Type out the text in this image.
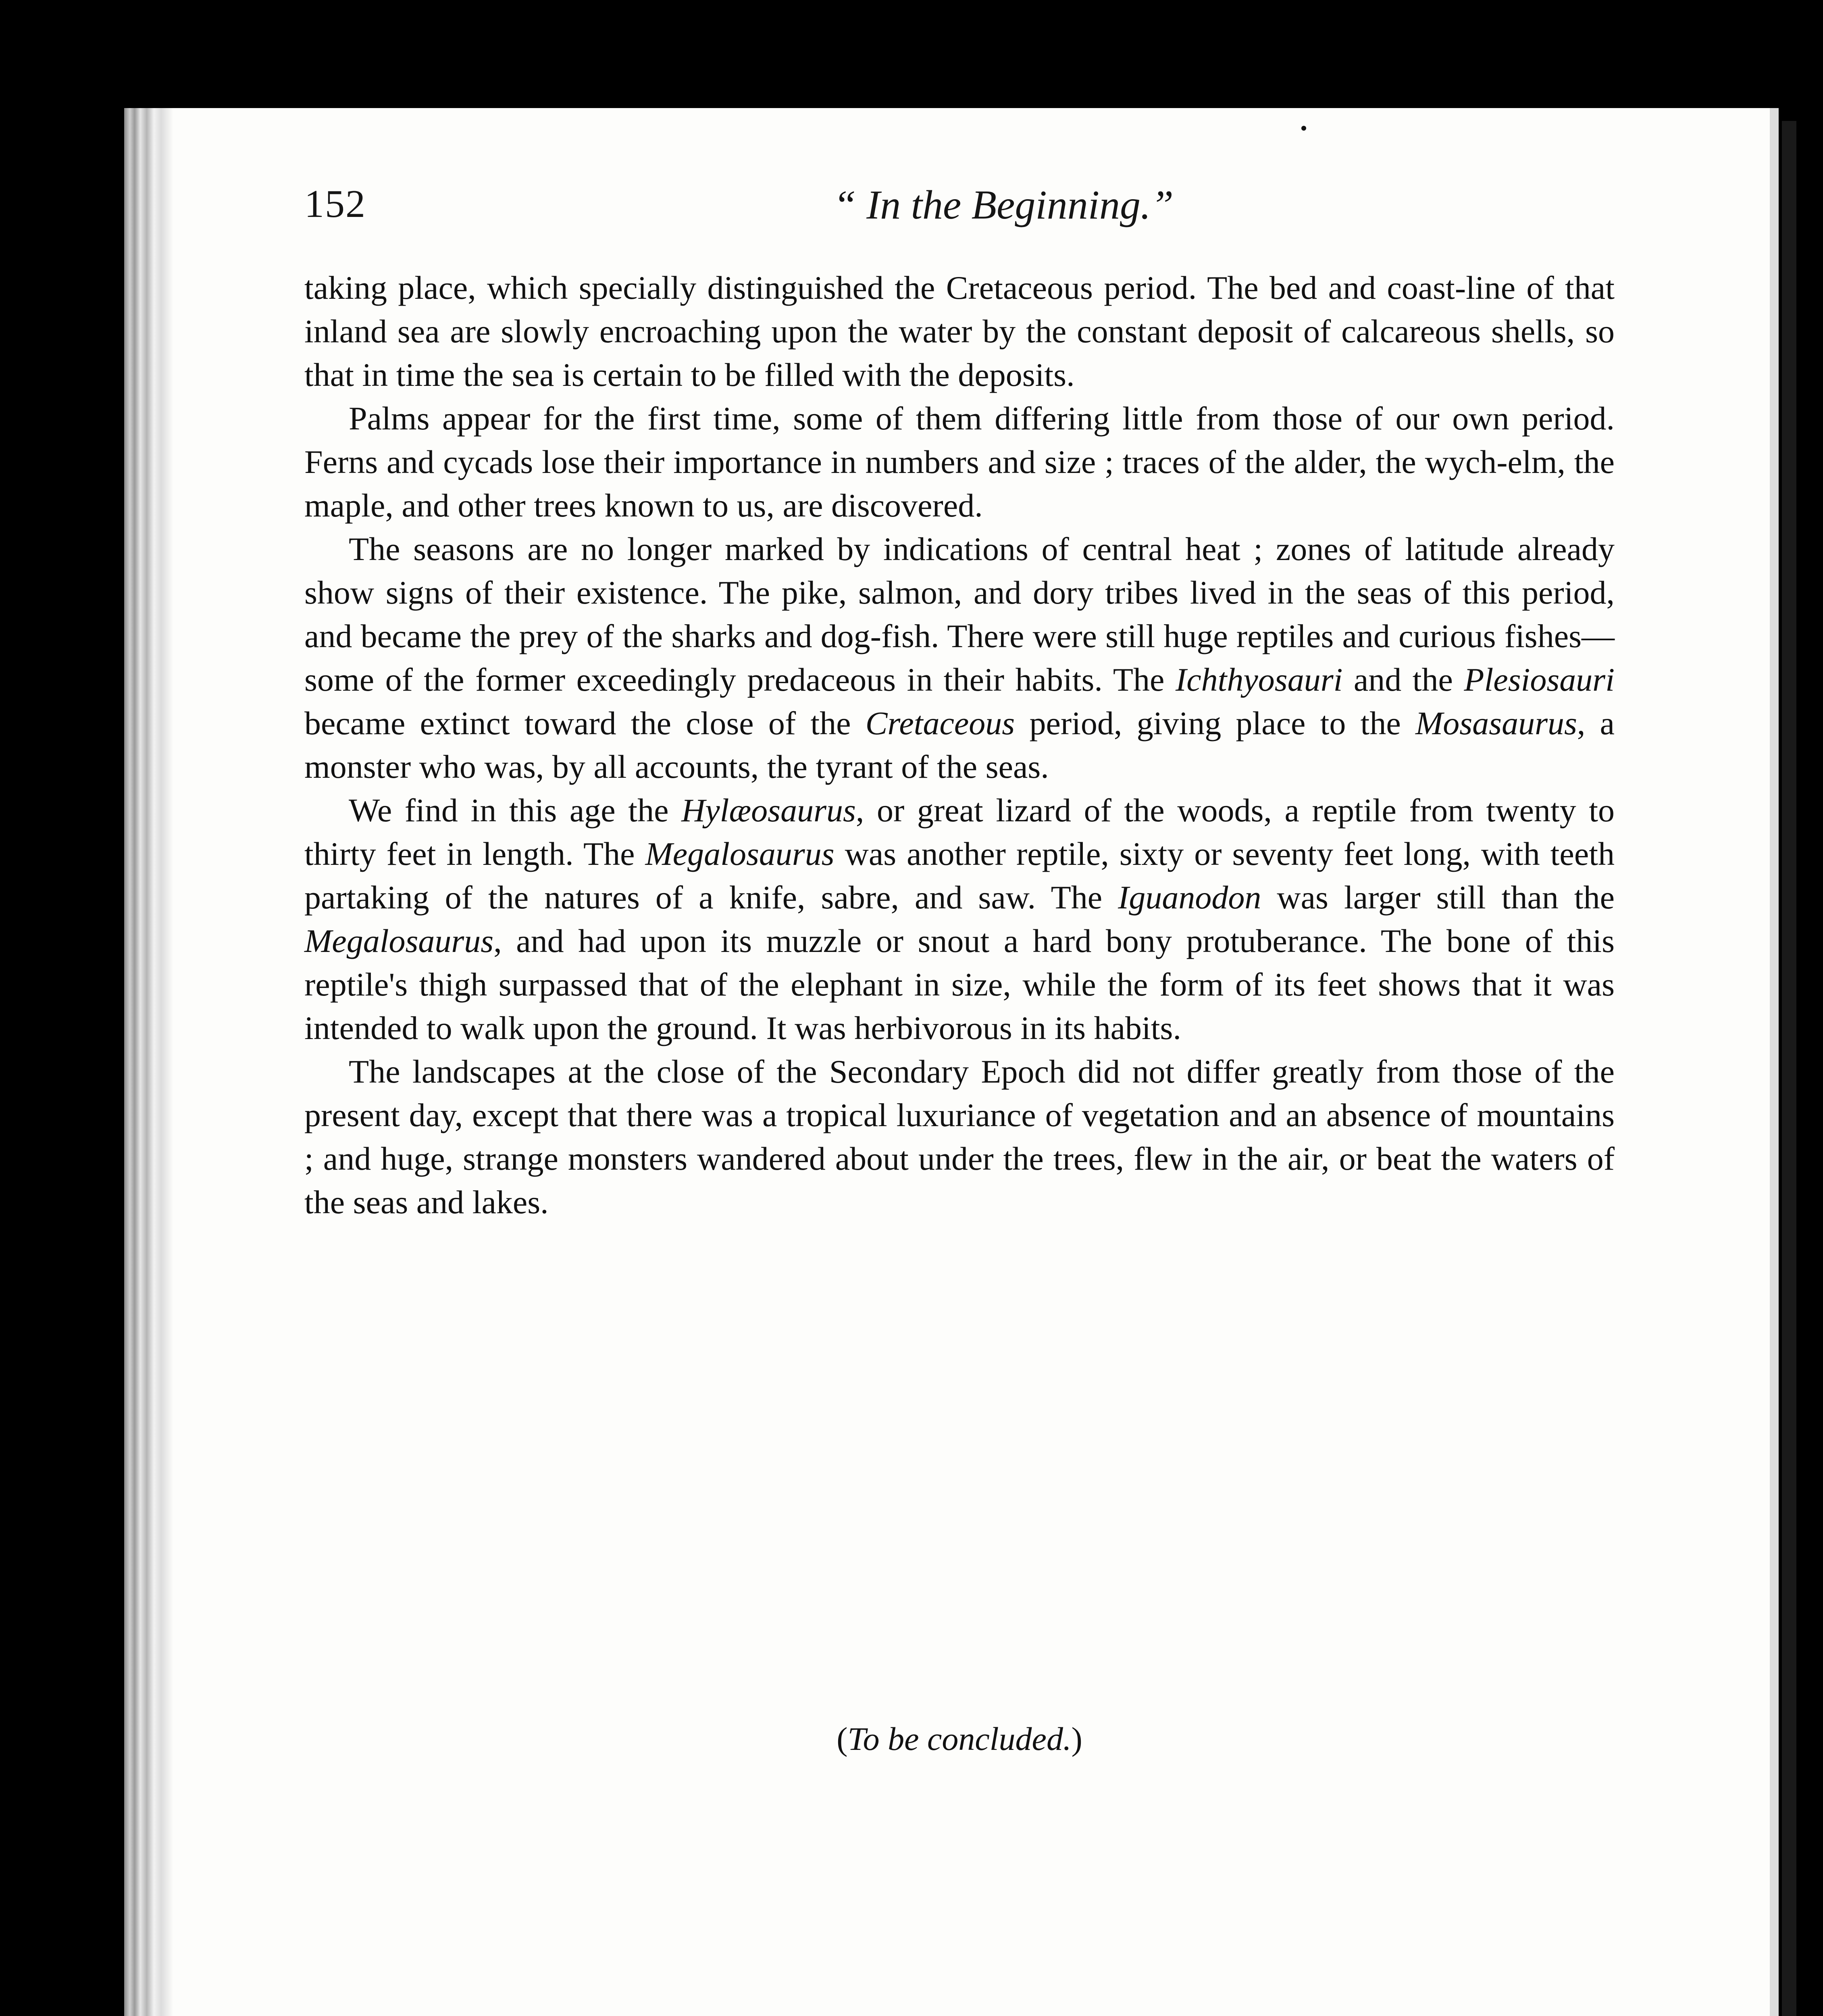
152	“ In the Beginning.”

taking place, which specially distinguished the Cretaceous period. The bed and coast-line of that inland sea are slowly encroaching upon the water by the constant deposit of calcareous shells, so that in time the sea is certain to be filled with the deposits.

Palms appear for the first time, some of them differing little from those of our own period. Ferns and cycads lose their importance in numbers and size ; traces of the alder, the wych-elm, the maple, and other trees known to us, are discovered.

The seasons are no longer marked by indications of central heat ; zones of latitude already show signs of their existence. The pike, salmon, and dory tribes lived in the seas of this period, and became the prey of the sharks and dog-fish. There were still huge reptiles and curious fishes—some of the former exceedingly predaceous in their habits. The Ichthyosauri and the Plesiosauri became extinct toward the close of the Cretaceous period, giving place to the Mosasaurus, a monster who was, by all accounts, the tyrant of the seas.

We find in this age the Hylæosaurus, or great lizard of the woods, a reptile from twenty to thirty feet in length. The Megalosaurus was another reptile, sixty or seventy feet long, with teeth partaking of the natures of a knife, sabre, and saw. The Iguanodon was larger still than the Megalosaurus, and had upon its muzzle or snout a hard bony protuberance. The bone of this reptile's thigh surpassed that of the elephant in size, while the form of its feet shows that it was intended to walk upon the ground. It was herbivorous in its habits.

The landscapes at the close of the Secondary Epoch did not differ greatly from those of the present day, except that there was a tropical luxuriance of vegetation and an absence of mountains ; and huge, strange monsters wandered about under the trees, flew in the air, or beat the waters of the seas and lakes.

(To be concluded.)
